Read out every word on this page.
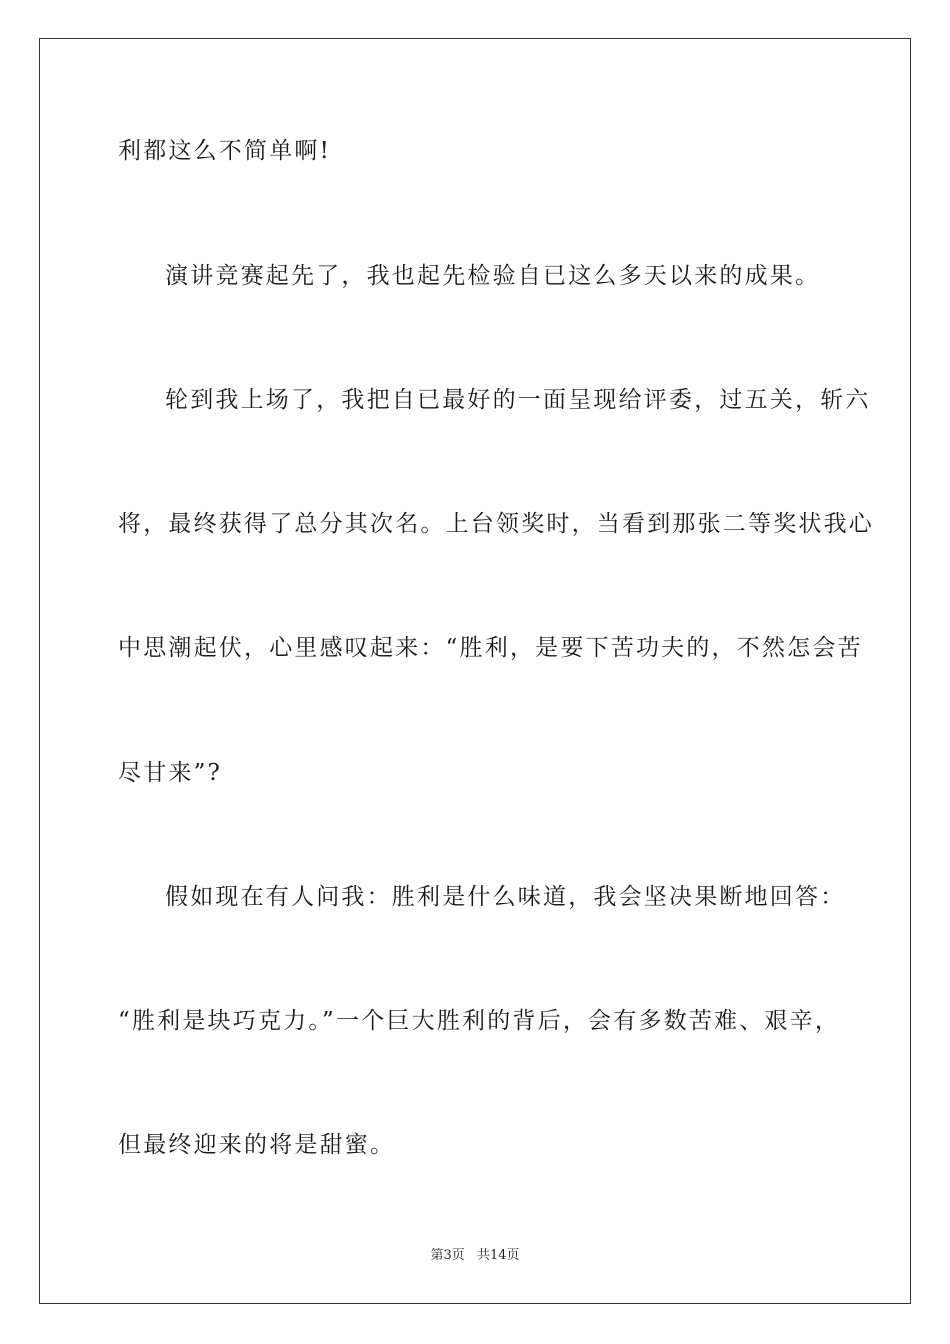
利都这么不简单啊!
演讲竞赛起先了，我也起先检验自已这么多天以来的成果。
轮到我上场了，我把自已最好的一面呈现给评委，过五关，斩六
将，最终获得了总分其次名。上台领奖时，当看到那张二等奖状我心
中思潮起伏，心里感叹起来：“胜利，是要下苦功夫的，不然怎会苦
尽甘来”?
假如现在有人问我：胜利是什么味道，我会坚决果断地回答：
“胜利是块巧克力。”一个巨大胜利的背后，会有多数苦难、艰辛，
但最终迎来的将是甜蜜。
第3页 共14页
